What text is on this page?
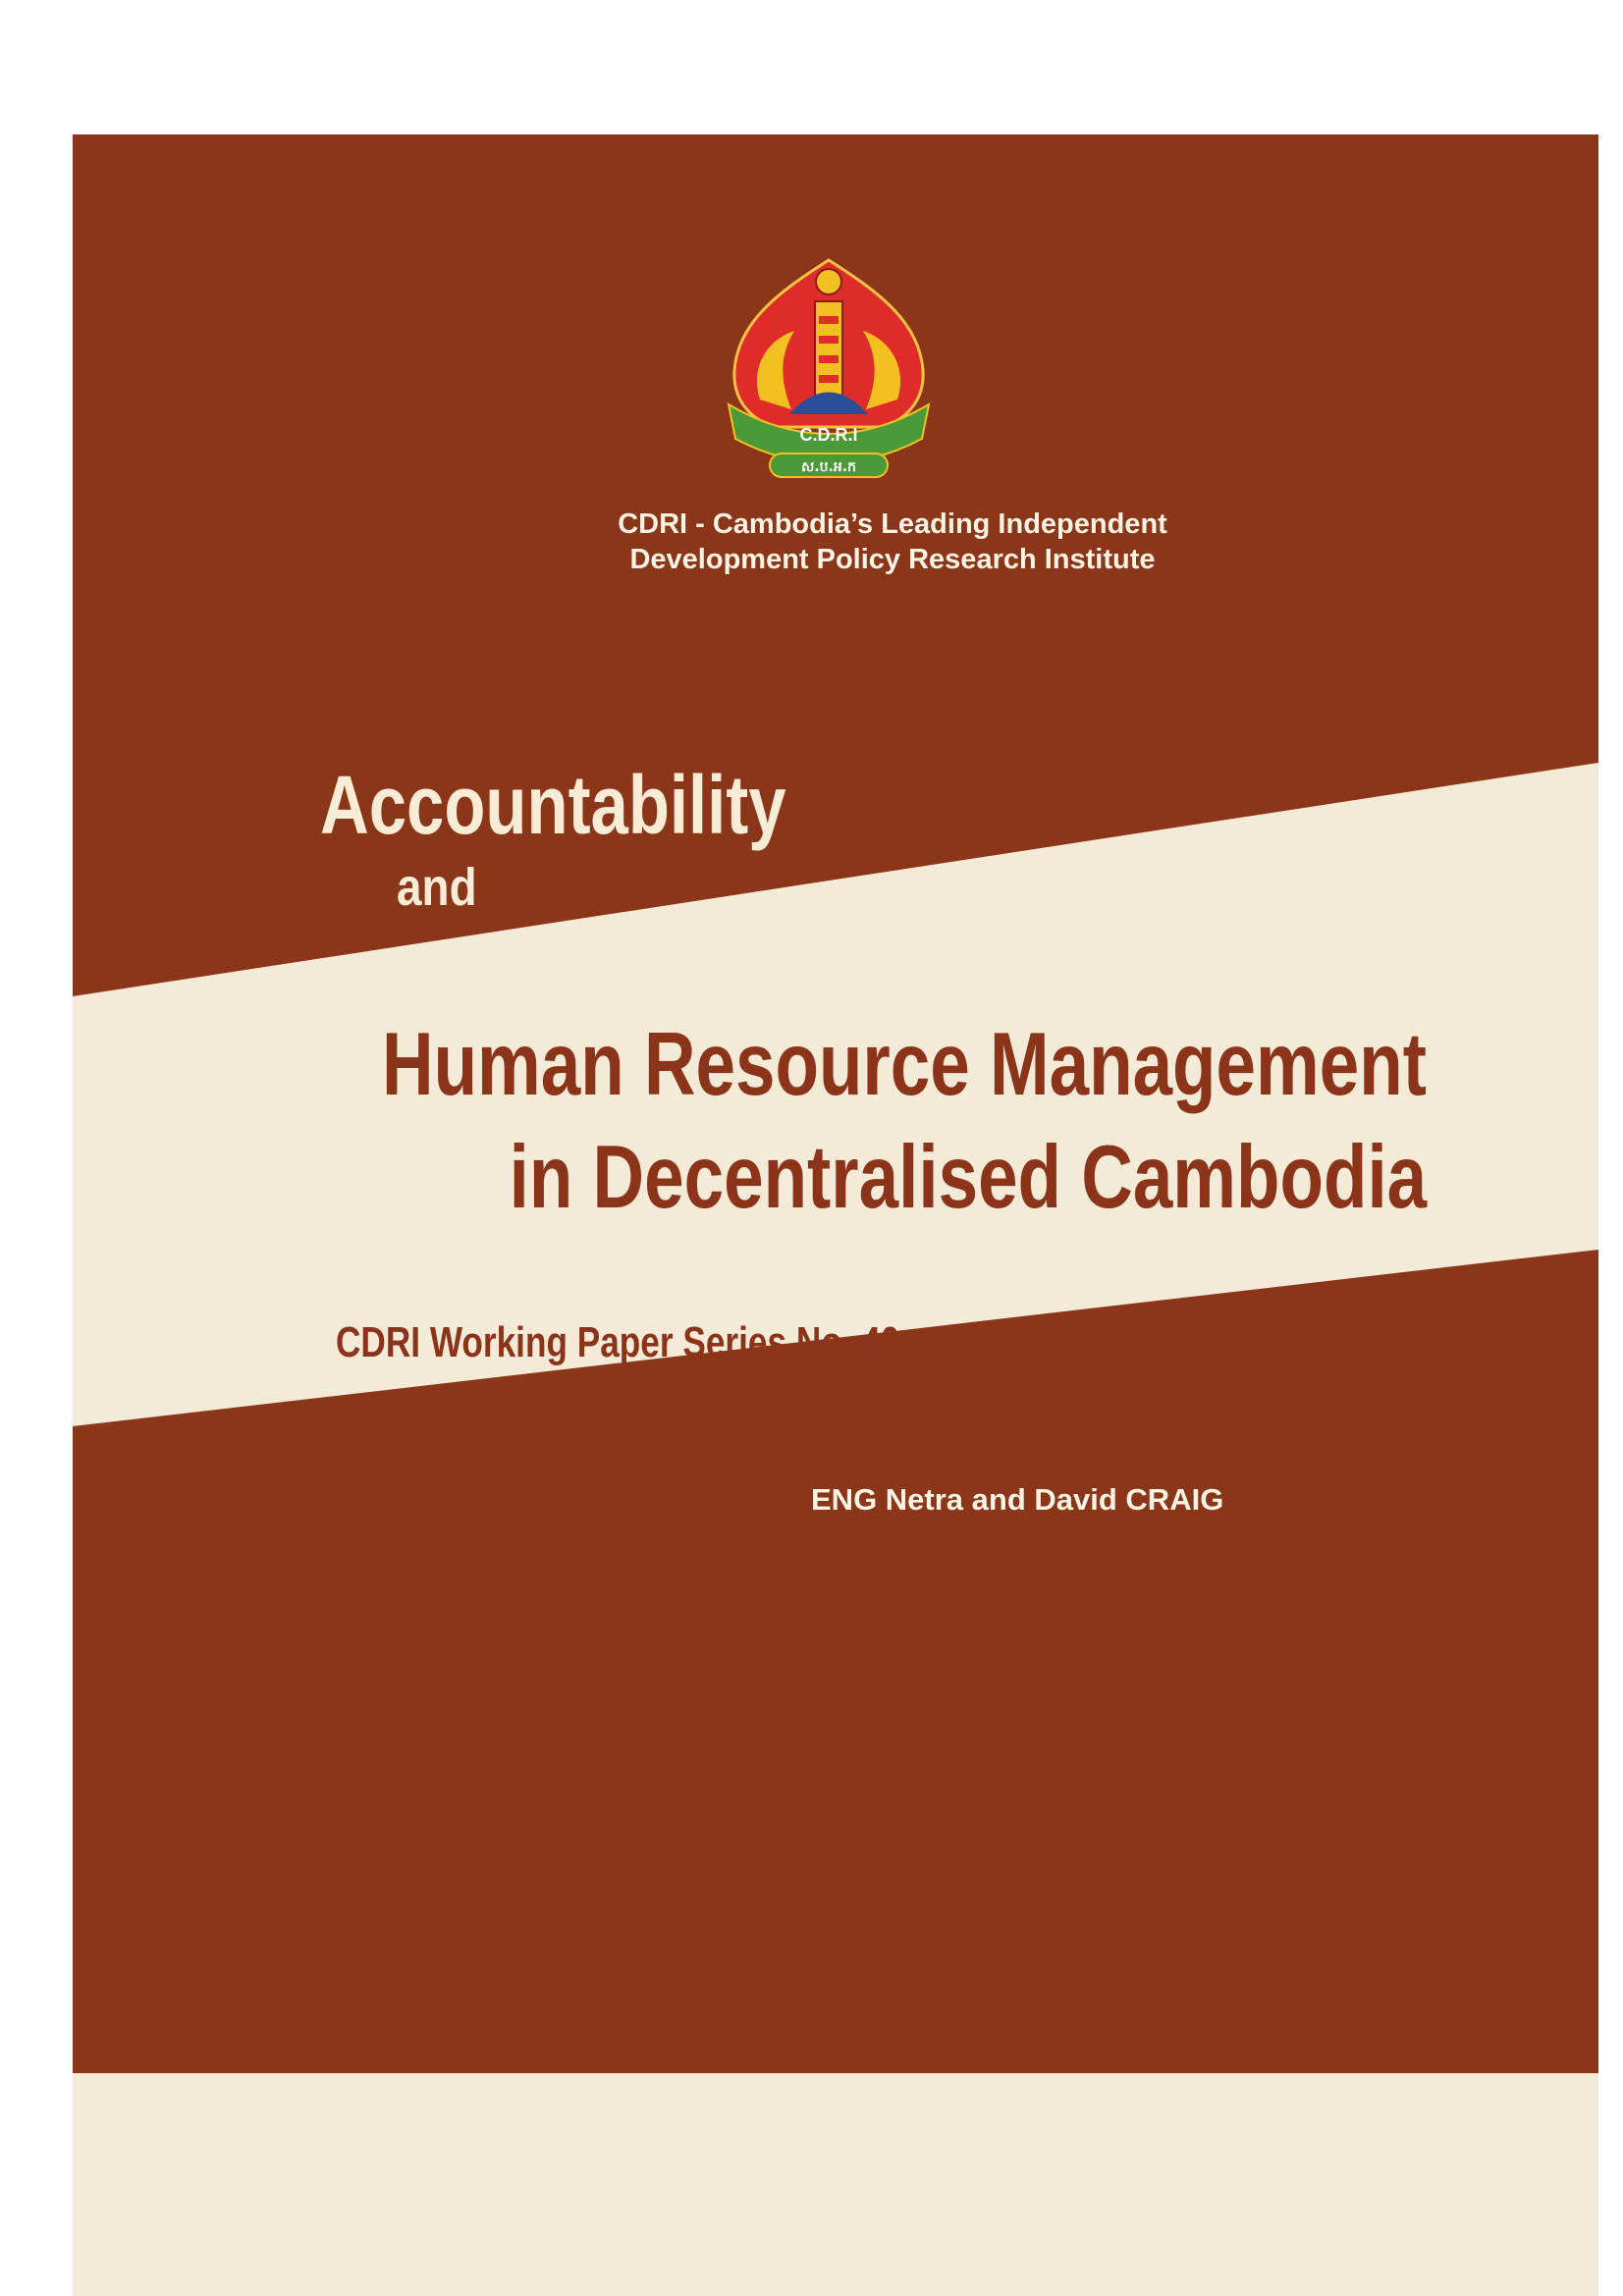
C.D.R.I
ស.ប.អ.ក

CDRI - Cambodia’s Leading Independent

Development Policy Research Institute

Accountability
and
Human Resource Management
in Decentralised Cambodia

CDRI Working Paper Series No. 40

ENG Netra and David CRAIG
